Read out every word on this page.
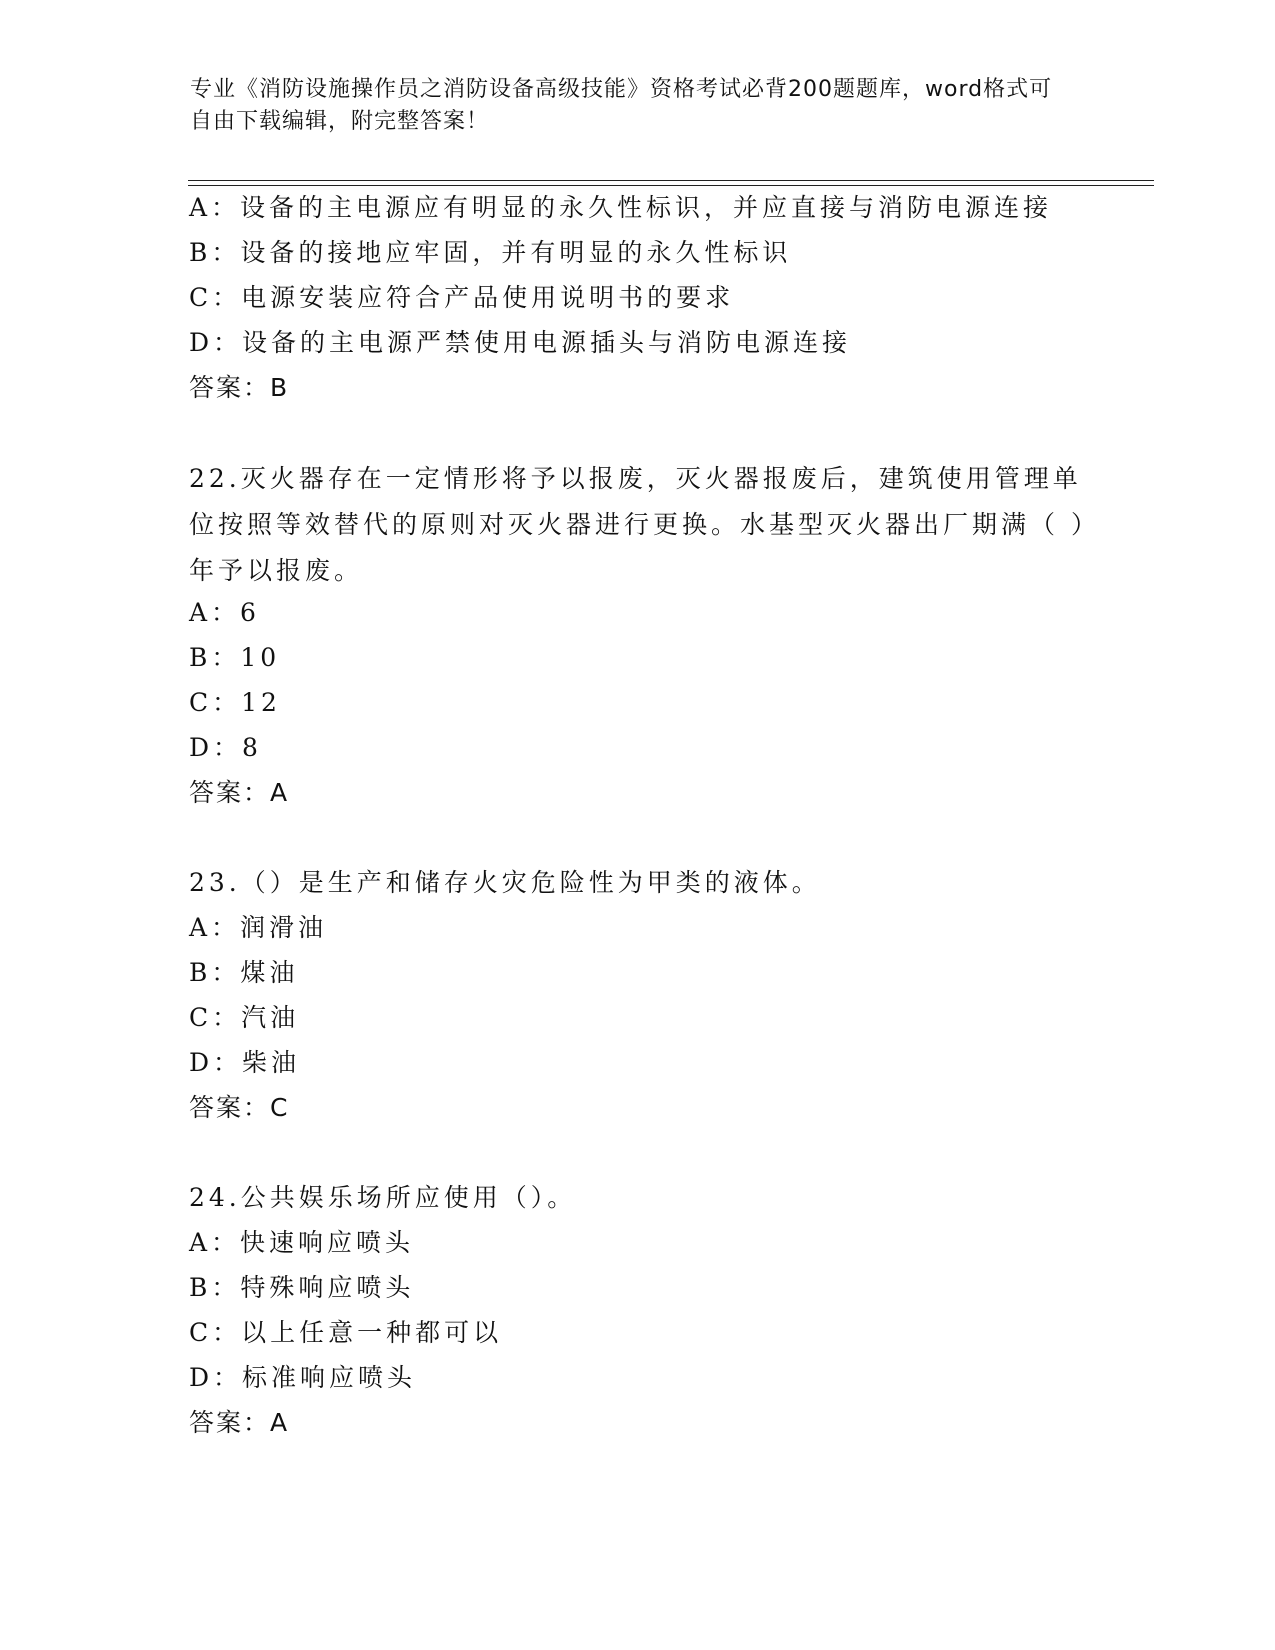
专业《消防设施操作员之消防设备高级技能》资格考试必背200题题库，word格式可自由下载编辑，附完整答案！
A：设备的主电源应有明显的永久性标识，并应直接与消防电源连接
B：设备的接地应牢固，并有明显的永久性标识
C：电源安装应符合产品使用说明书的要求
D：设备的主电源严禁使用电源插头与消防电源连接
答案：B
22.灭火器存在一定情形将予以报废，灭火器报废后，建筑使用管理单位按照等效替代的原则对灭火器进行更换。水基型灭火器出厂期满（ ）年予以报废。
A：6
B：10
C：12
D：8
答案：A
23.（）是生产和储存火灾危险性为甲类的液体。
A：润滑油
B：煤油
C：汽油
D：柴油
答案：C
24.公共娱乐场所应使用（）。
A：快速响应喷头
B：特殊响应喷头
C：以上任意一种都可以
D：标准响应喷头
答案：A
